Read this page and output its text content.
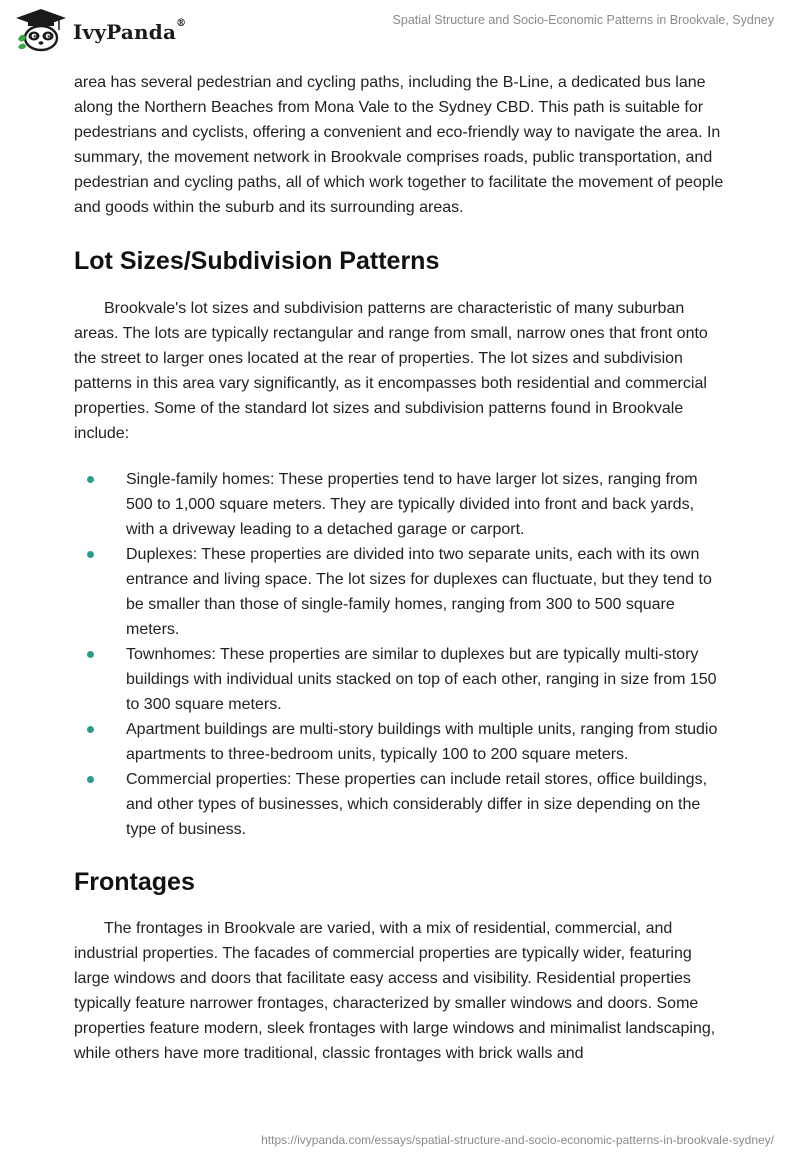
IvyPanda®	Spatial Structure and Socio-Economic Patterns in Brookvale, Sydney

area has several pedestrian and cycling paths, including the B-Line, a dedicated bus lane along the Northern Beaches from Mona Vale to the Sydney CBD. This path is suitable for pedestrians and cyclists, offering a convenient and eco-friendly way to navigate the area. In summary, the movement network in Brookvale comprises roads, public transportation, and pedestrian and cycling paths, all of which work together to facilitate the movement of people and goods within the suburb and its surrounding areas.

Lot Sizes/Subdivision Patterns

Brookvale's lot sizes and subdivision patterns are characteristic of many suburban areas. The lots are typically rectangular and range from small, narrow ones that front onto the street to larger ones located at the rear of properties. The lot sizes and subdivision patterns in this area vary significantly, as it encompasses both residential and commercial properties. Some of the standard lot sizes and subdivision patterns found in Brookvale include:

Single-family homes: These properties tend to have larger lot sizes, ranging from 500 to 1,000 square meters. They are typically divided into front and back yards, with a driveway leading to a detached garage or carport.
Duplexes: These properties are divided into two separate units, each with its own entrance and living space. The lot sizes for duplexes can fluctuate, but they tend to be smaller than those of single-family homes, ranging from 300 to 500 square meters.
Townhomes: These properties are similar to duplexes but are typically multi-story buildings with individual units stacked on top of each other, ranging in size from 150 to 300 square meters.
Apartment buildings are multi-story buildings with multiple units, ranging from studio apartments to three-bedroom units, typically 100 to 200 square meters.
Commercial properties: These properties can include retail stores, office buildings, and other types of businesses, which considerably differ in size depending on the type of business.
Frontages

The frontages in Brookvale are varied, with a mix of residential, commercial, and industrial properties. The facades of commercial properties are typically wider, featuring large windows and doors that facilitate easy access and visibility. Residential properties typically feature narrower frontages, characterized by smaller windows and doors. Some properties feature modern, sleek frontages with large windows and minimalist landscaping, while others have more traditional, classic frontages with brick walls and

https://ivypanda.com/essays/spatial-structure-and-socio-economic-patterns-in-brookvale-sydney/
